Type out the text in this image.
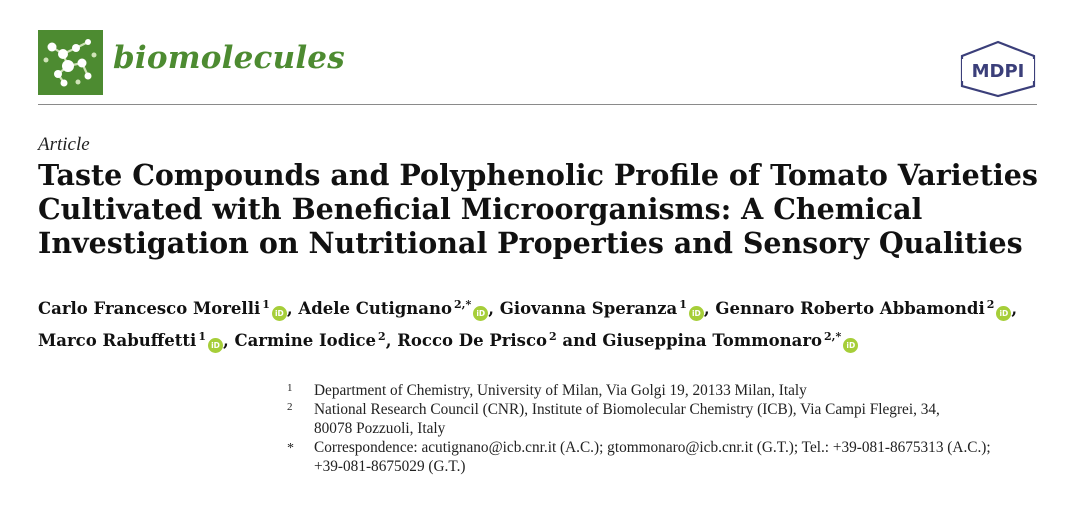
biomolecules	MDPI
Article
Taste Compounds and Polyphenolic Profile of Tomato Varieties
Cultivated with Beneficial Microorganisms: A Chemical
Investigation on Nutritional Properties and Sensory Qualities
Carlo Francesco Morelli $^1$iD , Adele Cutignano $^{2,*}$iD , Giovanna Speranza $^1$iD , Gennaro Roberto Abbamondi $^2$iD ,
Marco Rabuffetti $^1$iD , Carmine Iodice $^2$, Rocco De Prisco $^2$ and Giuseppina Tommonaro $^{2,*}$iD
1 Department of Chemistry, University of Milan, Via Golgi 19, 20133 Milan, Italy
2 National Research Council (CNR), Institute of Biomolecular Chemistry (ICB), Via Campi Flegrei, 34,
80078 Pozzuoli, Italy
* Correspondence: acutignano@icb.cnr.it (A.C.); gtommonaro@icb.cnr.it (G.T.); Tel.: +39-081-8675313 (A.C.);
+39-081-8675029 (G.T.)
